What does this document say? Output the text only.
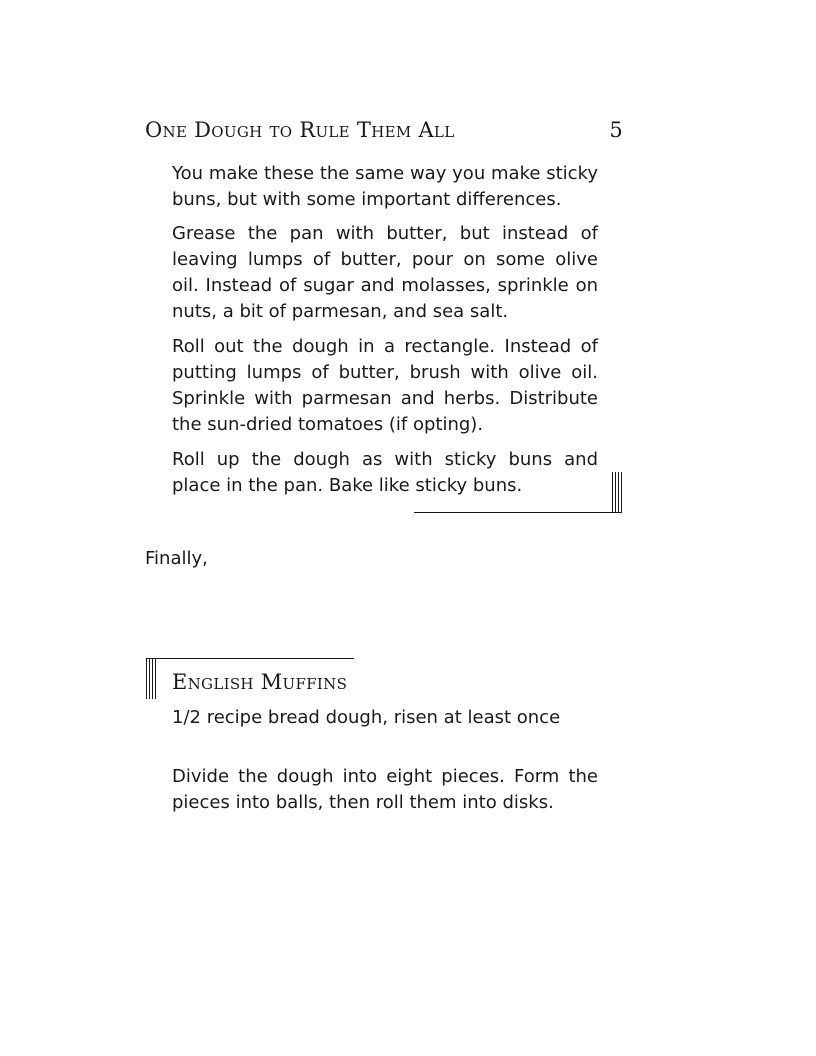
One Dough to Rule Them All	5

You make these the same way you make sticky buns, but with some important differences.

Grease the pan with butter, but instead of leaving lumps of butter, pour on some olive oil. Instead of sugar and molasses, sprinkle on nuts, a bit of parmesan, and sea salt.

Roll out the dough in a rectangle. Instead of putting lumps of butter, brush with olive oil. Sprinkle with parmesan and herbs. Distribute the sun-dried tomatoes (if opting).

Roll up the dough as with sticky buns and place in the pan. Bake like sticky buns.

Finally,

English Muffins

1/2 recipe bread dough, risen at least once

Divide the dough into eight pieces. Form the pieces into balls, then roll them into disks.
